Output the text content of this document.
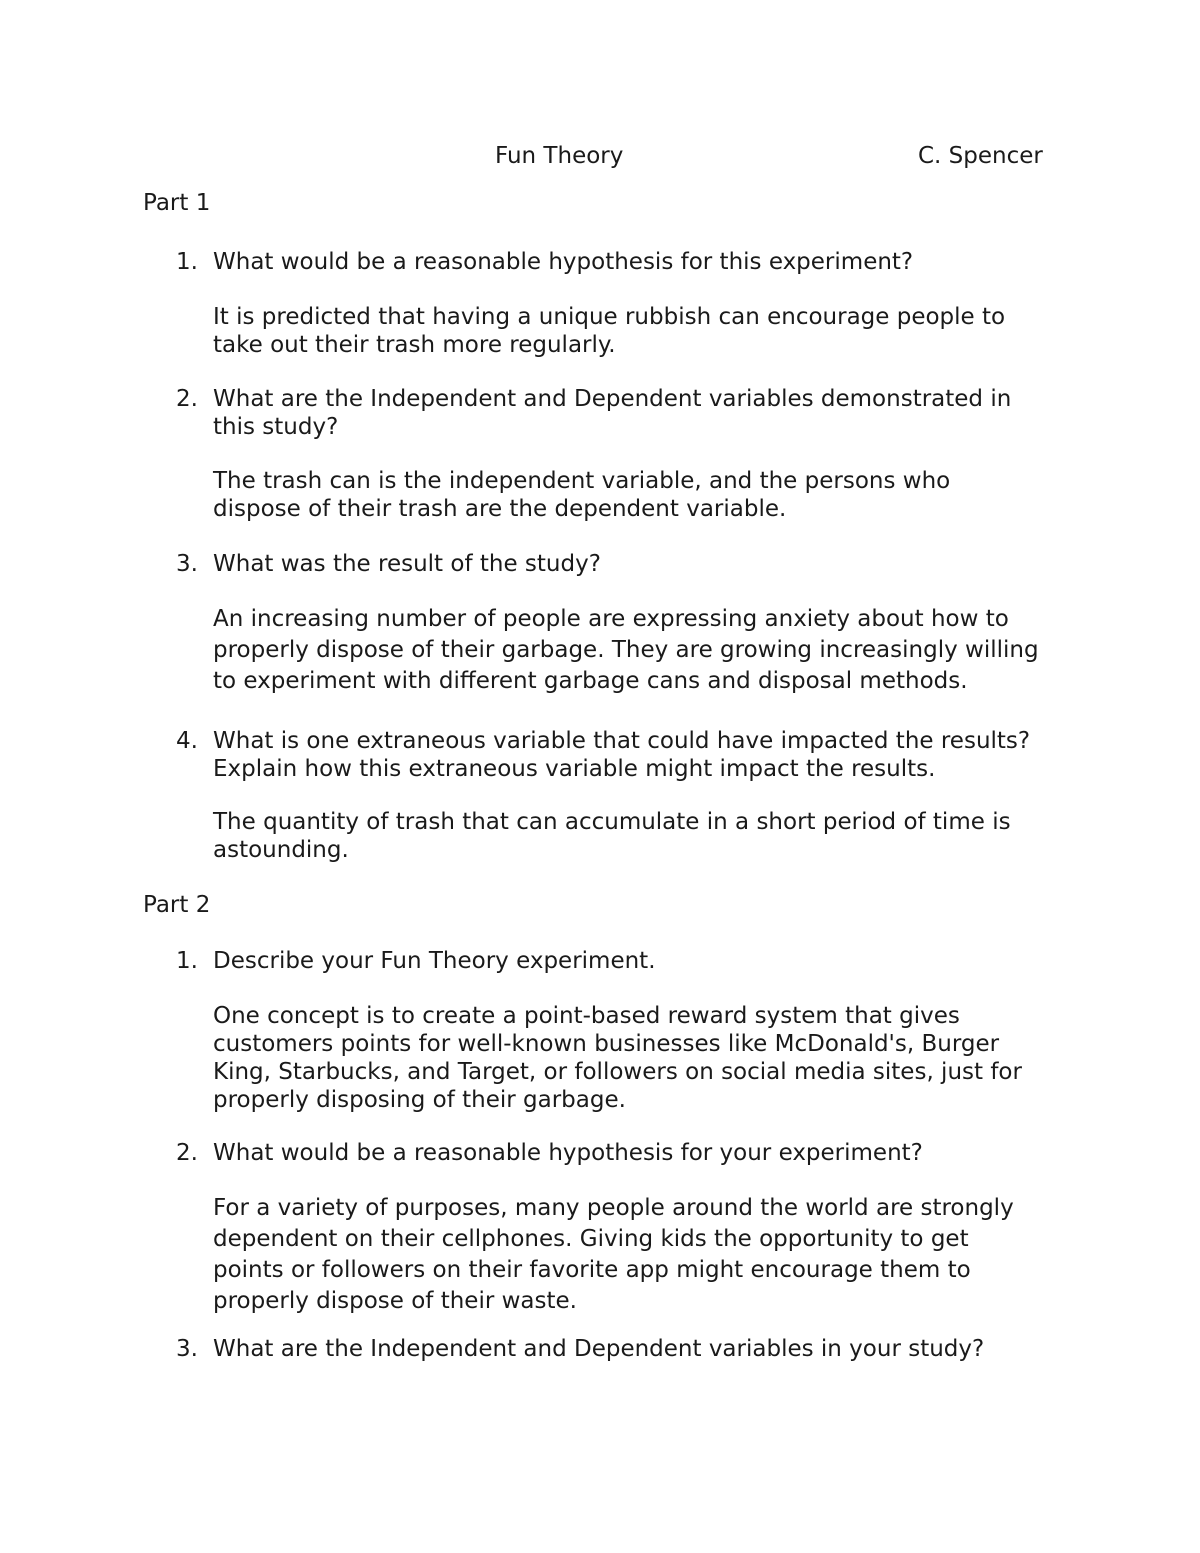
Fun Theory	C. Spencer
Part 1
1. What would be a reasonable hypothesis for this experiment?
It is predicted that having a unique rubbish can encourage people to
take out their trash more regularly.
2. What are the Independent and Dependent variables demonstrated in
this study?
The trash can is the independent variable, and the persons who
dispose of their trash are the dependent variable.
3. What was the result of the study?
An increasing number of people are expressing anxiety about how to
properly dispose of their garbage. They are growing increasingly willing
to experiment with different garbage cans and disposal methods.
4. What is one extraneous variable that could have impacted the results?
Explain how this extraneous variable might impact the results.
The quantity of trash that can accumulate in a short period of time is
astounding.
Part 2
1. Describe your Fun Theory experiment.
One concept is to create a point-based reward system that gives
customers points for well-known businesses like McDonald's, Burger
King, Starbucks, and Target, or followers on social media sites, just for
properly disposing of their garbage.
2. What would be a reasonable hypothesis for your experiment?
For a variety of purposes, many people around the world are strongly
dependent on their cellphones. Giving kids the opportunity to get
points or followers on their favorite app might encourage them to
properly dispose of their waste.
3. What are the Independent and Dependent variables in your study?
